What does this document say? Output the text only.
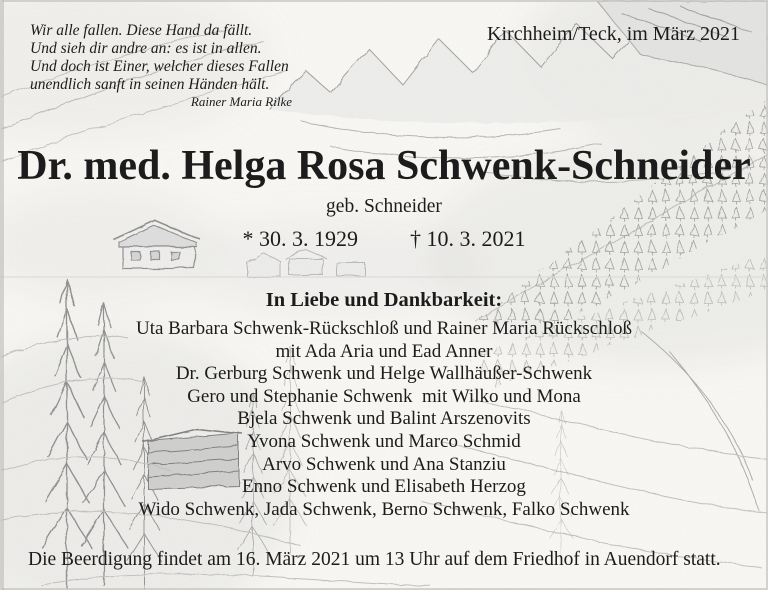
Wir alle fallen. Diese Hand da fällt.
Und sieh dir andre an: es ist in allen.
Und doch ist Einer, welcher dieses Fallen
unendlich sanft in seinen Händen hält.
Rainer Maria Rilke
Kirchheim/Teck, im März 2021
Dr. med. Helga Rosa Schwenk-Schneider
geb. Schneider
* 30. 3. 1929 † 10. 3. 2021
In Liebe und Dankbarkeit:
Uta Barbara Schwenk-Rückschloß und Rainer Maria Rückschloß
mit Ada Aria und Ead Anner
Dr. Gerburg Schwenk und Helge Wallhäußer-Schwenk
Gero und Stephanie Schwenk  mit Wilko und Mona
Bjela Schwenk und Balint Arszenovits
Yvona Schwenk und Marco Schmid
Arvo Schwenk und Ana Stanziu
Enno Schwenk und Elisabeth Herzog
Wido Schwenk, Jada Schwenk, Berno Schwenk, Falko Schwenk
Die Beerdigung findet am 16. März 2021 um 13 Uhr auf dem Friedhof in Auendorf statt.
